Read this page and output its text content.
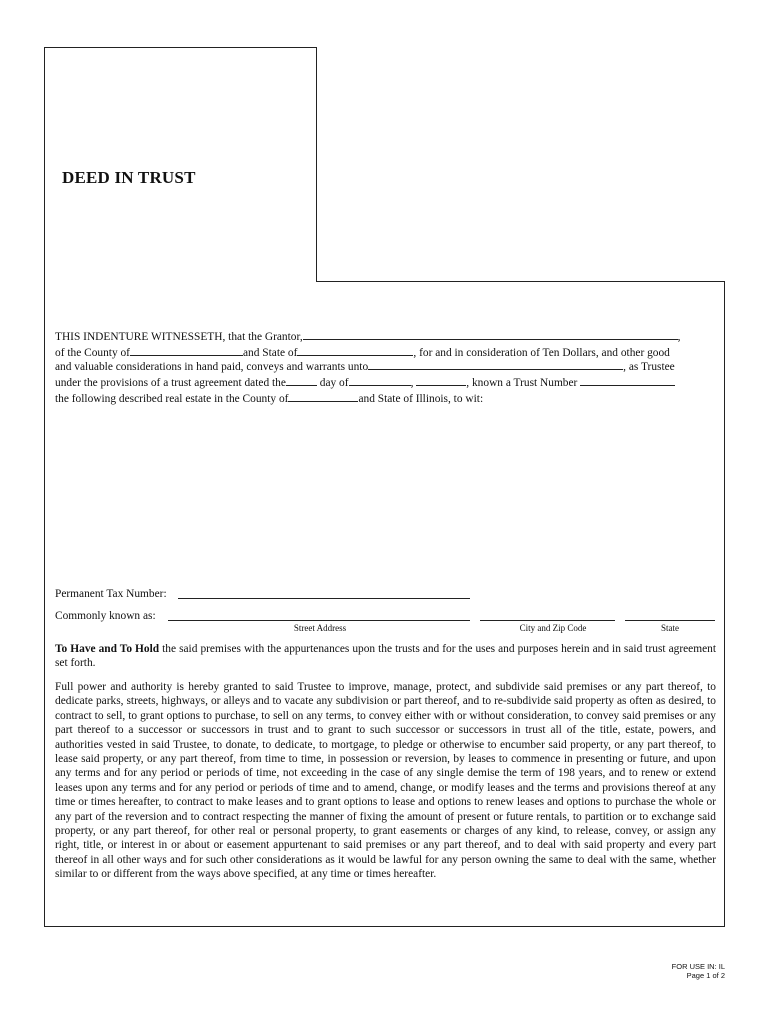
DEED IN TRUST
THIS INDENTURE WITNESSETH, that the Grantor,	,
of the County of	and State of	, for and in consideration of Ten Dollars, and other good
and valuable considerations in hand paid, conveys and warrants unto	, as Trustee
under the provisions of a trust agreement dated the	day of	,	, known a Trust Number
the following described real estate in the County of	and State of Illinois, to wit:
Permanent Tax Number:
Commonly known as:
Street Address	City and Zip Code	State

To Have and To Hold the said premises with the appurtenances upon the trusts and for the uses and purposes herein and in said trust agreement set forth.

Full power and authority is hereby granted to said Trustee to improve, manage, protect, and subdivide said premises or any part thereof, to dedicate parks, streets, highways, or alleys and to vacate any subdivision or part thereof, and to re-subdivide said property as often as desired, to contract to sell, to grant options to purchase, to sell on any terms, to convey either with or without consideration, to convey said premises or any part thereof to a successor or successors in trust and to grant to such successor or successors in trust all of the title, estate, powers, and authorities vested in said Trustee, to donate, to dedicate, to mortgage, to pledge or otherwise to encumber said property, or any part thereof, to lease said property, or any part thereof, from time to time, in possession or reversion, by leases to commence in presenting or future, and upon any terms and for any period or periods of time, not exceeding in the case of any single demise the term of 198 years, and to renew or extend leases upon any terms and for any period or periods of time and to amend, change, or modify leases and the terms and provisions thereof at any time or times hereafter, to contract to make leases and to grant options to lease and options to renew leases and options to purchase the whole or any part of the reversion and to contract respecting the manner of fixing the amount of present or future rentals, to partition or to exchange said property, or any part thereof, for other real or personal property, to grant easements or charges of any kind, to release, convey, or assign any right, title, or interest in or about or easement appurtenant to said premises or any part thereof, and to deal with said property and every part thereof in all other ways and for such other considerations as it would be lawful for any person owning the same to deal with the same, whether similar to or different from the ways above specified, at any time or times hereafter.

FOR USE IN: IL
Page 1 of 2
